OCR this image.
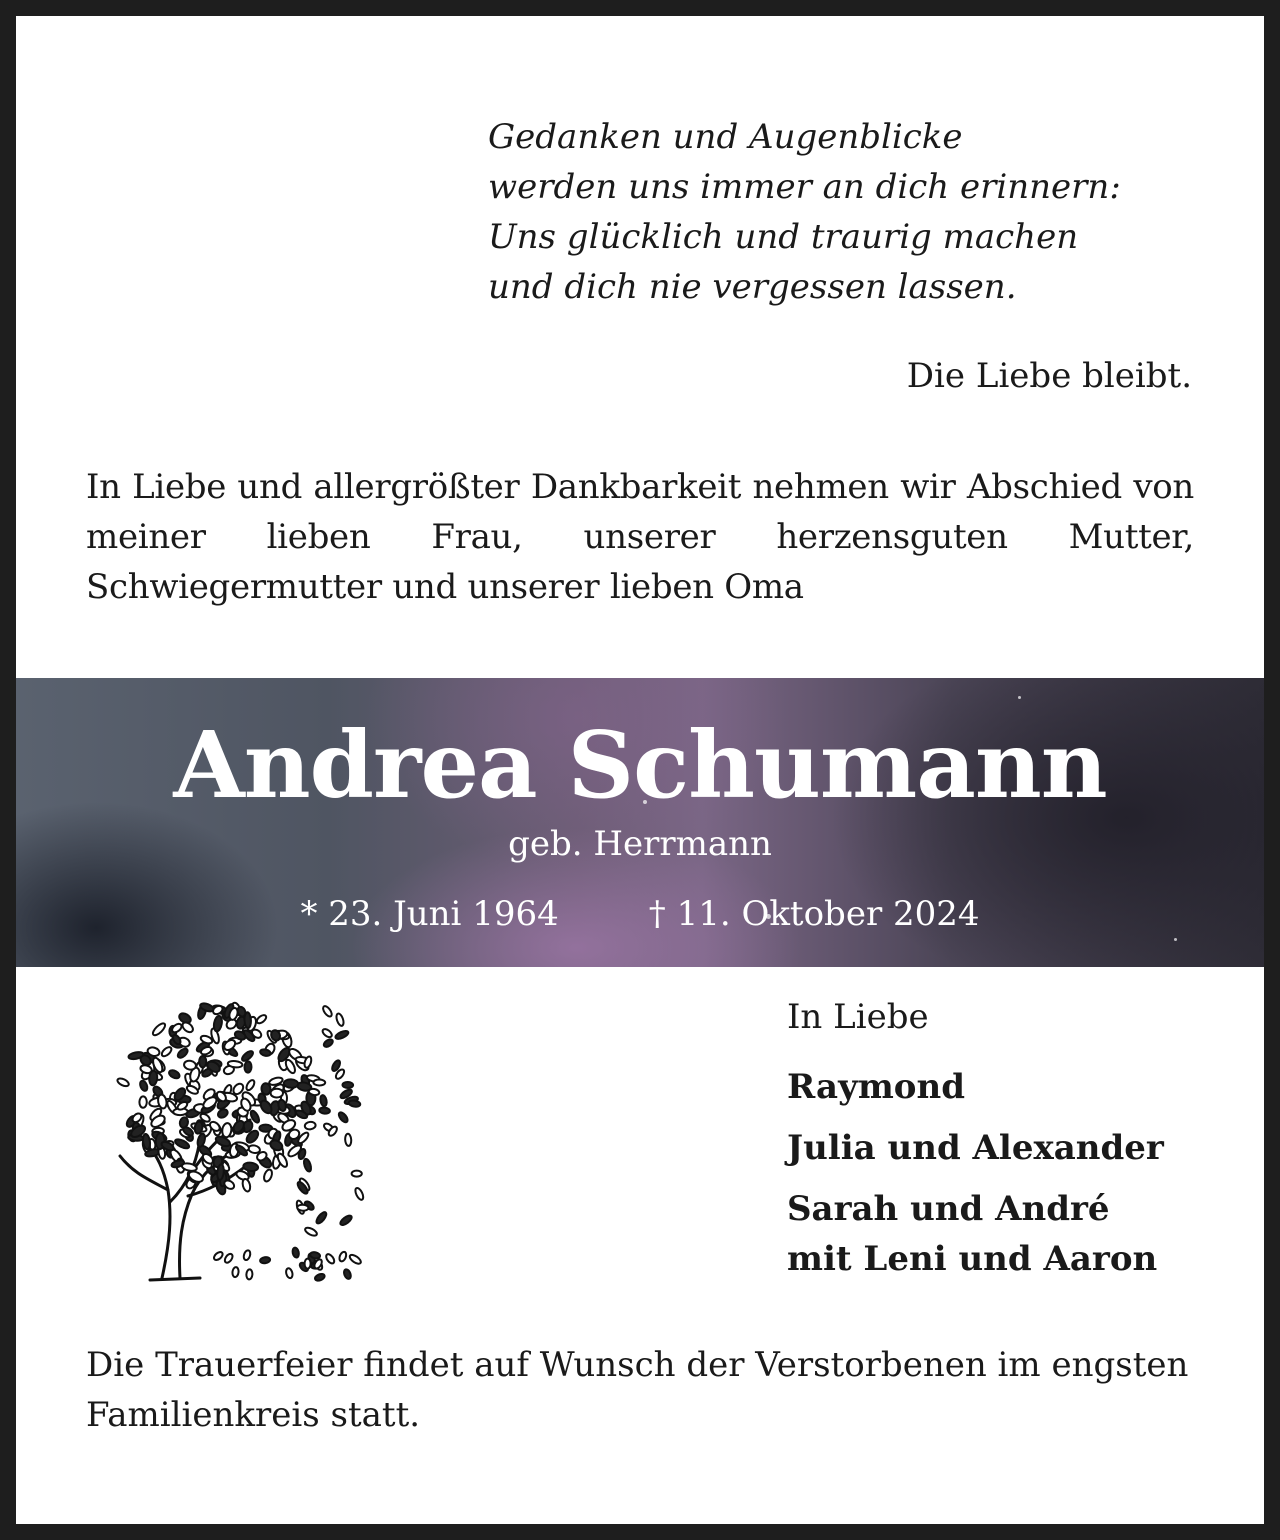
Gedanken und Augenblicke
werden uns immer an dich erinnern:
Uns glücklich und traurig machen
und dich nie vergessen lassen.
Die Liebe bleibt.
In Liebe und allergrößter Dankbarkeit nehmen wir Abschied von meiner lieben Frau, unserer herzensguten Mutter, Schwiegermutter und unserer lieben Oma
Andrea Schumann
geb. Herrmann
* 23. Juni 1964	† 11. Oktober 2024
In Liebe
Raymond
Julia und Alexander
Sarah und André
mit Leni und Aaron
Die Trauerfeier findet auf Wunsch der Verstorbenen im engsten Familienkreis statt.
